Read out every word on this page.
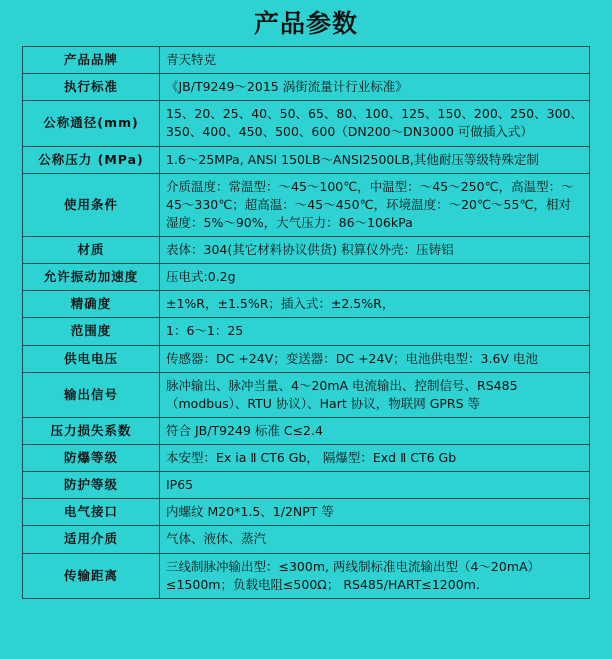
产品参数
产品品牌	青天特克
执行标准	《JB/T9249～2015 涡街流量计行业标准》
公称通径(mm)	15、20、25、40、50、65、80、100、125、150、200、250、300、350、400、450、500、600（DN200～DN3000 可做插入式）
公称压力 (MPa)	1.6～25MPa, ANSI 150LB～ANSI2500LB,其他耐压等级特殊定制
使用条件	介质温度：常温型：～45～100℃，中温型：～45～250℃，高温型：～45～330℃；超高温：～45～450℃，环境温度：～20℃～55℃，相对湿度：5%～90%，大气压力：86～106kPa
材质	表体：304(其它材料协议供货) 积算仪外壳：压铸铝
允许振动加速度	压电式:0.2g
精确度	±1%R，±1.5%R；插入式：±2.5%R，
范围度	1：6～1：25
供电电压	传感器：DC +24V；变送器：DC +24V；电池供电型：3.6V 电池
输出信号	脉冲输出、脉冲当量、4～20mA 电流输出、控制信号、RS485（modbus）、RTU 协议）、Hart 协议，物联网 GPRS 等
压力损失系数	符合 JB/T9249 标准 C≤2.4
防爆等级	本安型：Ex ia Ⅱ CT6 Gb， 隔爆型：Exd Ⅱ CT6 Gb
防护等级	IP65
电气接口	内螺纹 M20*1.5、1/2NPT 等
适用介质	气体、液体、蒸汽
传输距离	三线制脉冲输出型：≤300m, 两线制标准电流输出型（4～20mA）≤1500m；负载电阻≤500Ω； RS485/HART≤1200m.
